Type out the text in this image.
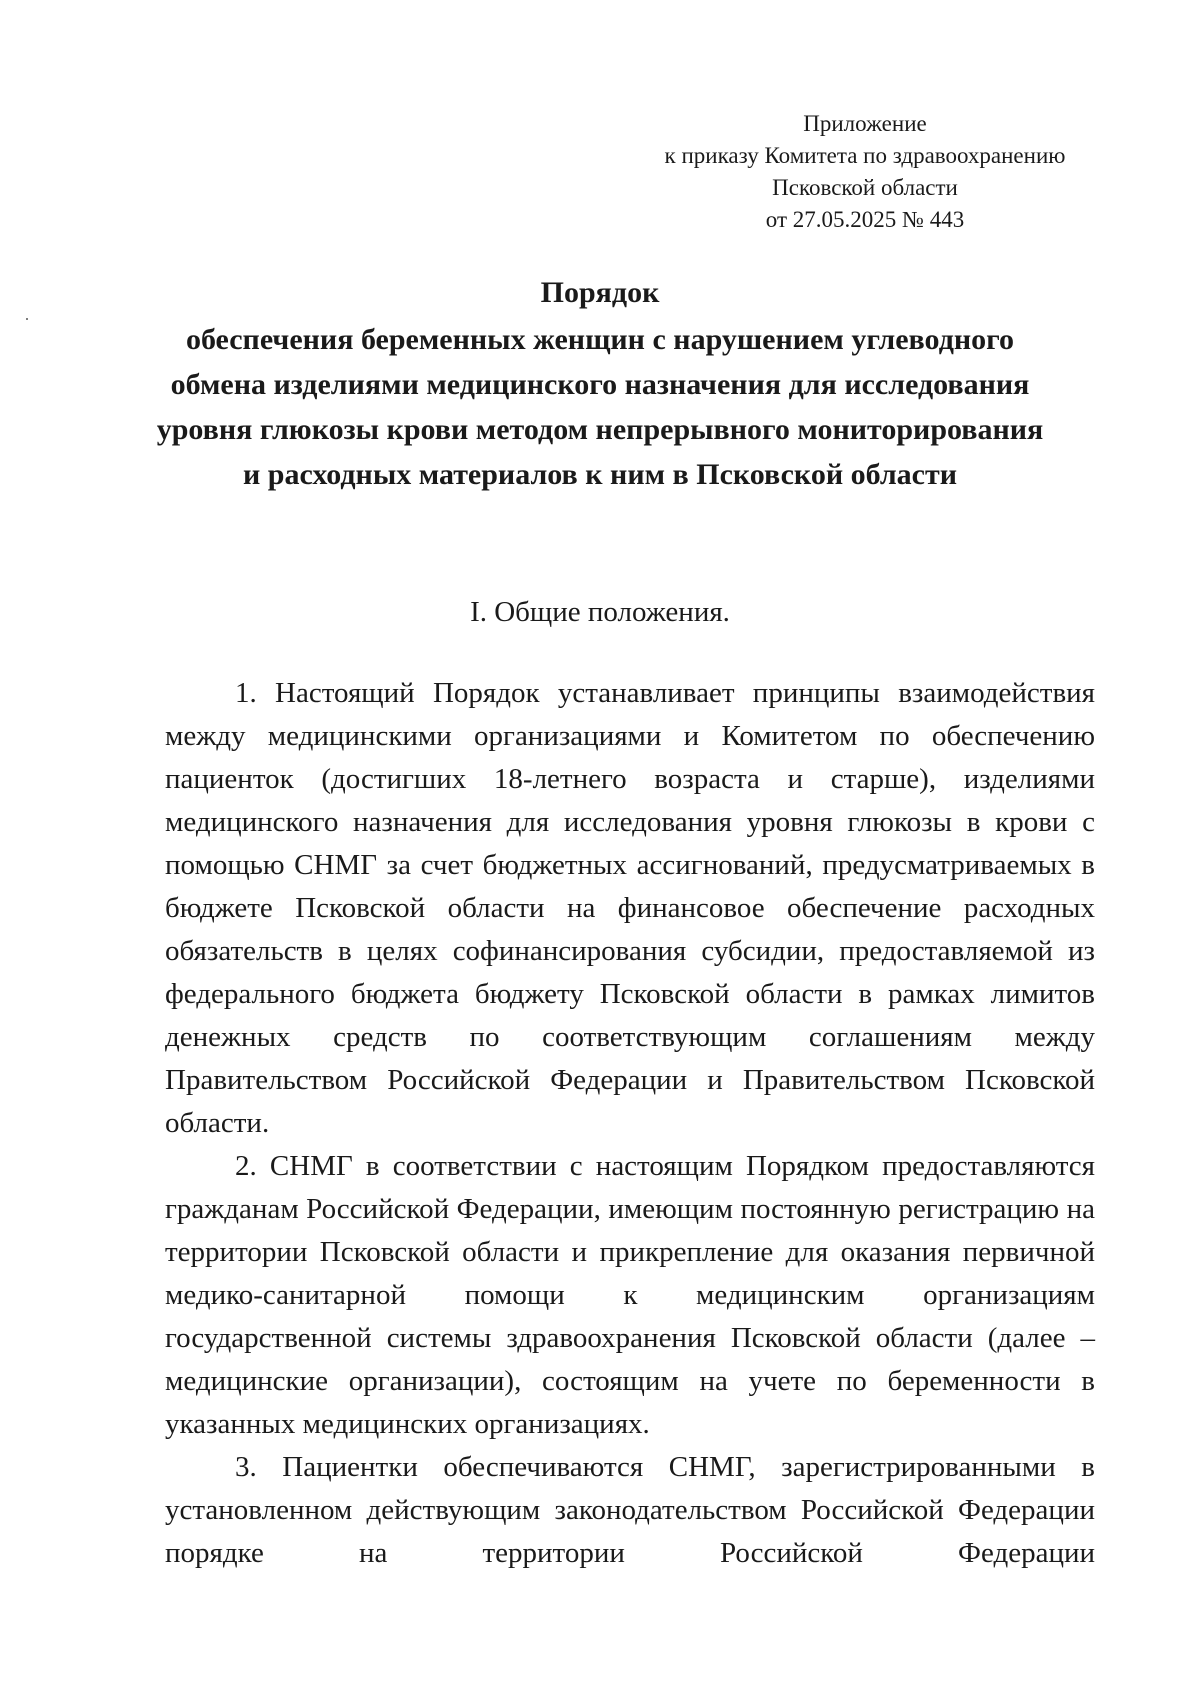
Приложение
к приказу Комитета по здравоохранению
Псковской области
от 27.05.2025 № 443
Порядок
обеспечения беременных женщин с нарушением углеводного
обмена изделиями медицинского назначения для исследования
уровня глюкозы крови методом непрерывного мониторирования
и расходных материалов к ним в Псковской области
I. Общие положения.

1. Настоящий Порядок устанавливает принципы взаимодействия между медицинскими организациями и Комитетом по обеспечению пациенток (достигших 18-летнего возраста и старше), изделиями медицинского назначения для исследования уровня глюкозы в крови с помощью СНМГ за счет бюджетных ассигнований, предусматриваемых в бюджете Псковской области на финансовое обеспечение расходных обязательств в целях софинансирования субсидии, предоставляемой из федерального бюджета бюджету Псковской области в рамках лимитов денежных средств по соответствующим соглашениям между Правительством Российской Федерации и Правительством Псковской области.

2. СНМГ в соответствии с настоящим Порядком предоставляются гражданам Российской Федерации, имеющим постоянную регистрацию на территории Псковской области и прикрепление для оказания первичной медико-санитарной помощи к медицинским организациям государственной системы здравоохранения Псковской области (далее – медицинские организации), состоящим на учете по беременности в указанных медицинских организациях.

3. Пациентки обеспечиваются СНМГ, зарегистрированными в установленном действующим законодательством Российской Федерации порядке на территории Российской Федерации
